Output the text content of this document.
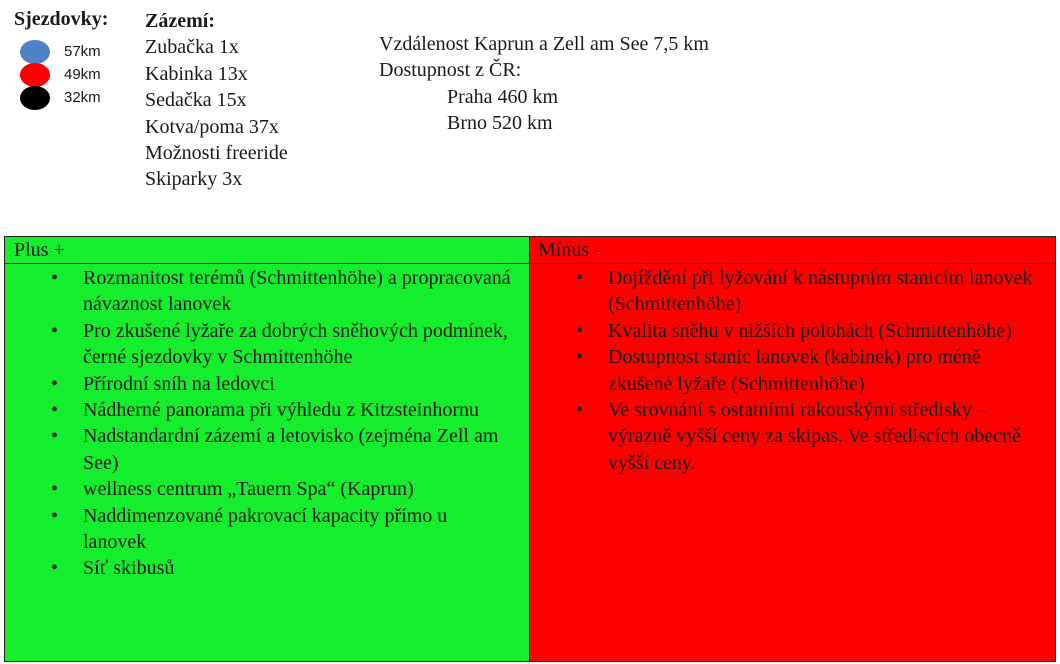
Sjezdovky:
57km
49km
32km
Zázemí:
Zubačka 1x
Kabinka 13x
Sedačka 15x
Kotva/poma 37x
Možnosti freeride
Skiparky 3x
Vzdálenost Kaprun a Zell am See 7,5 km
Dostupnost z ČR:
Praha 460 km
Brno 520 km
Plus +
• Rozmanitost terémů (Schmittenhöhe) a propracovaná návaznost lanovek
• Pro zkušené lyžaře za dobrých sněhových podmínek, černé sjezdovky v Schmittenhöhe
• Přírodní sníh na ledovci
• Nádherné panorama při výhledu z Kitzsteinhornu
• Nadstandardní zázemí a letovisko (zejména Zell am See)
• wellness centrum „Tauern Spa“ (Kaprun)
• Naddimenzované pakrovací kapacity přímo u lanovek
• Síť skibusů
Mínus -
• Dojíždění při lyžování k nástupním stanicím lanovek (Schmittenhöhe)
• Kvalita sněhu v nižších polohách (Schmittenhöhe)
• Dostupnost stanic lanovek (kabinek) pro méně zkušené lyžaře (Schmittenhöhe)
• Ve srovnání s ostatními rakouskými středisky – výrazně vyšší ceny za skipas. Ve střediscích obecně vyšší ceny.
